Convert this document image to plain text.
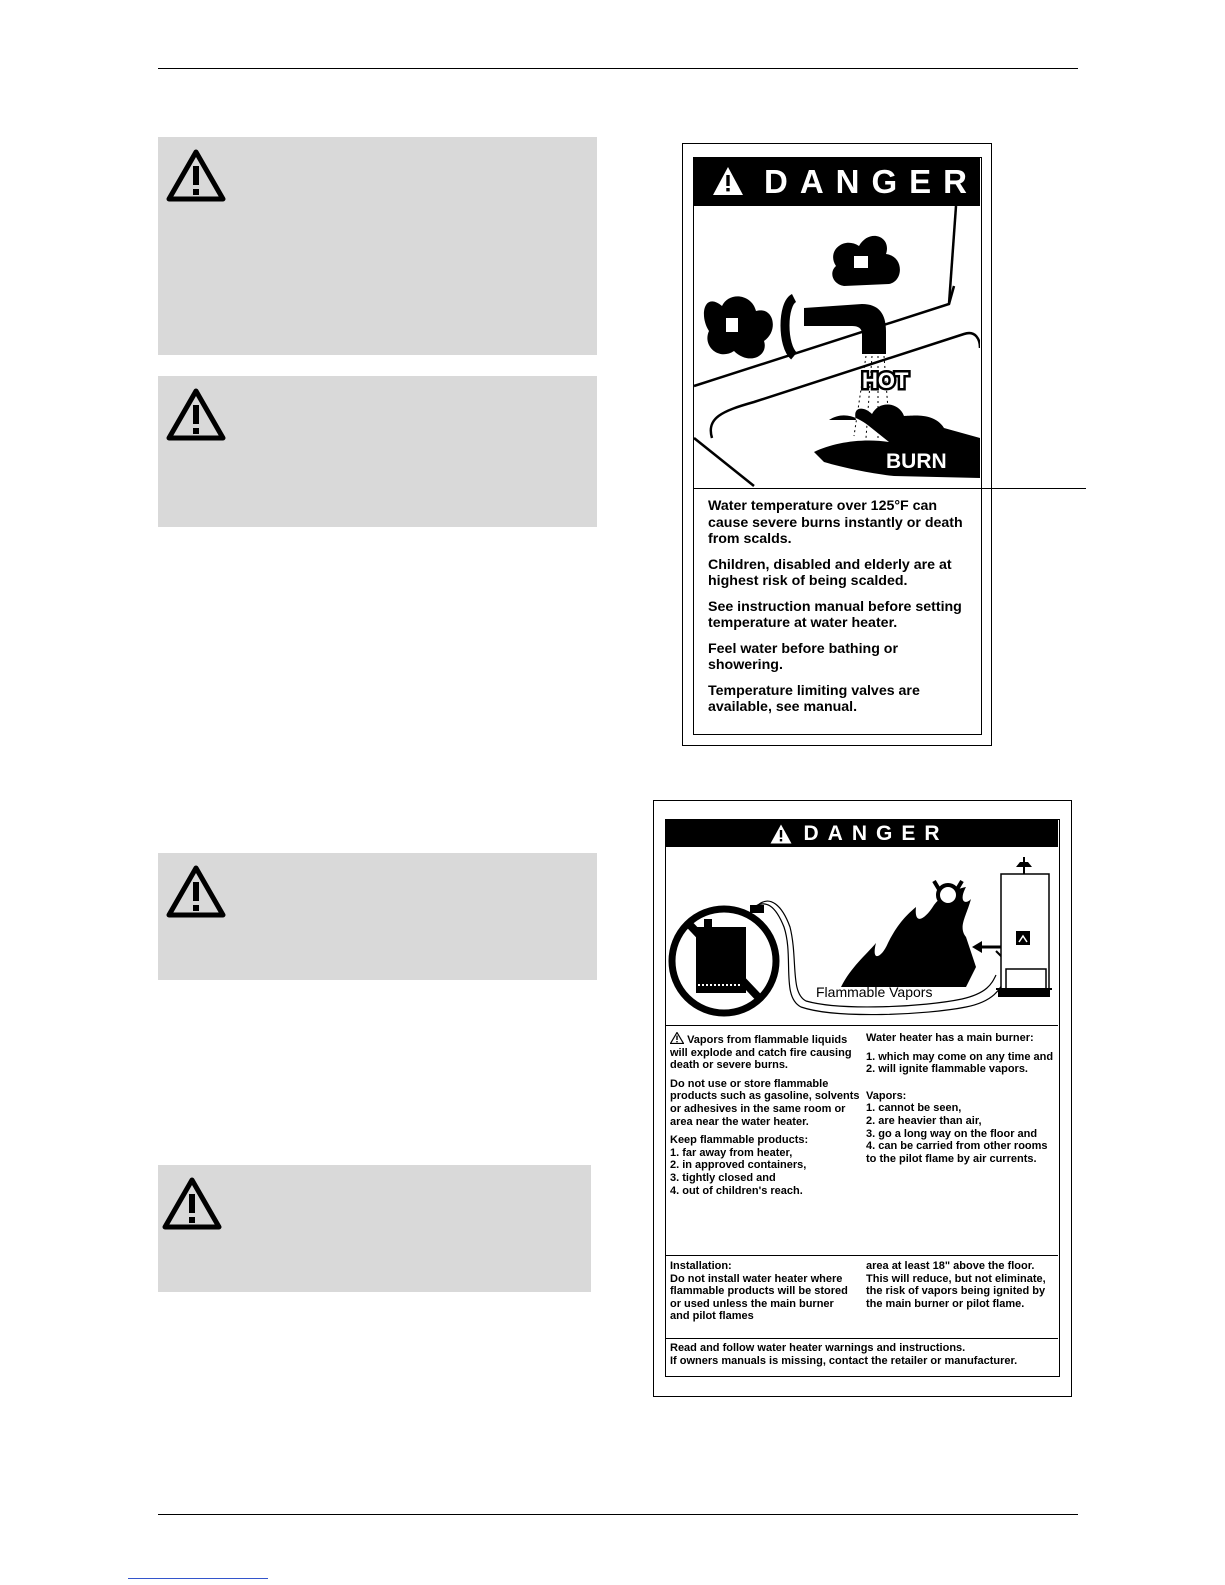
DANGER
HOT
BURN

Water temperature over 125°F can cause severe burns instantly or death from scalds.

Children, disabled and elderly are at highest risk of being scalded.

See instruction manual before setting temperature at water heater.

Feel water before bathing or showering.

Temperature limiting valves are available, see manual.

DANGER
Flammable Vapors

Vapors from flammable liquids will explode and catch fire causing death or severe burns.

Do not use or store flammable products such as gasoline, solvents or adhesives in the same room or area near the water heater.

Keep flammable products:
1. far away from heater,
2. in approved containers,
3. tightly closed and
4. out of children's reach.

Water heater has a main burner:

1. which may come on any time and
2. will ignite flammable vapors.
Vapors:
1. cannot be seen,
2. are heavier than air,
3. go a long way on the floor and
4. can be carried from other rooms to the pilot flame by air currents.
Installation:
Do not install water heater where flammable products will be stored or used unless the main burner and pilot flames
area at least 18" above the floor. This will reduce, but not eliminate, the risk of vapors being ignited by the main burner or pilot flame.
Read and follow water heater warnings and instructions.
If owners manuals is missing, contact the retailer or manufacturer.
